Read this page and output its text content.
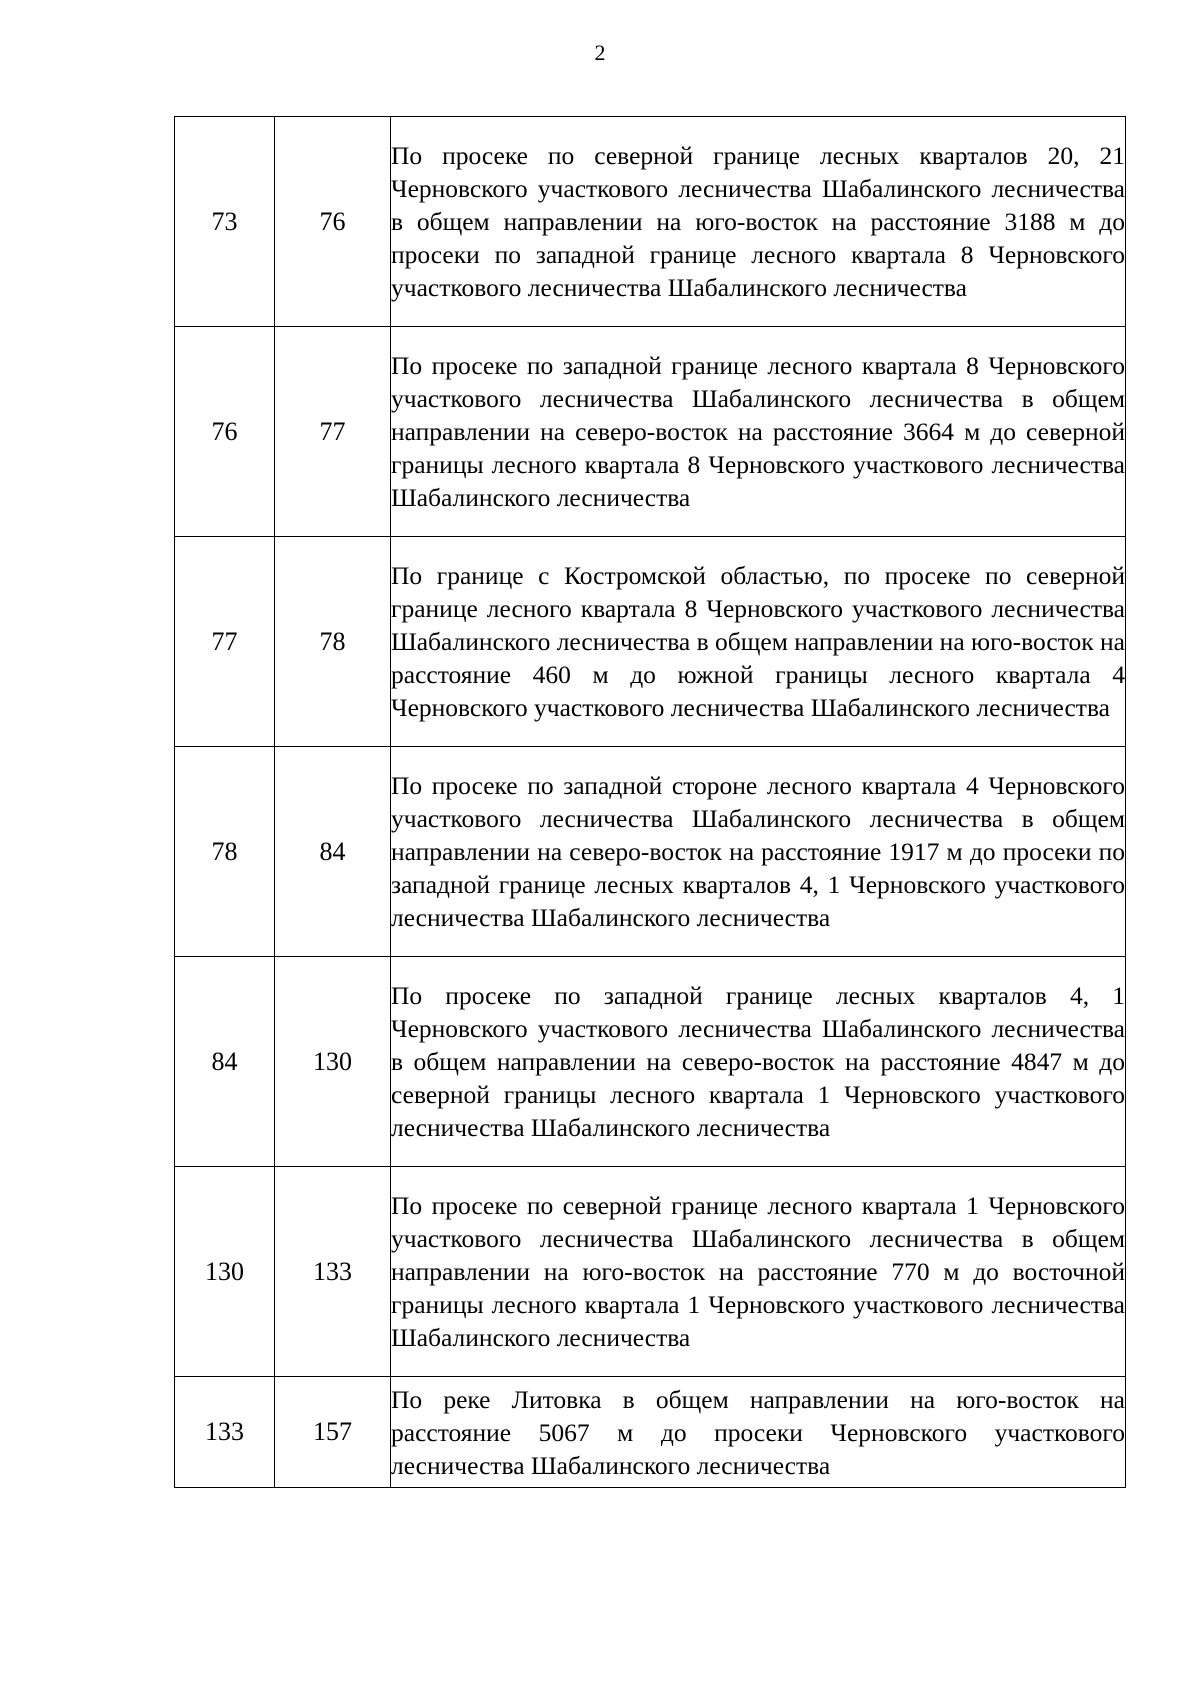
2
73	76	По просеке по северной границе лесных кварталов 20, 21 Черновского участкового лесничества Шабалинского лесничества в общем направлении на юго-восток на расстояние 3188 м до просеки по западной границе лесного квартала 8 Черновского участкового лесничества Шабалинского лесничества
76	77	По просеке по западной границе лесного квартала 8 Черновского участкового лесничества Шабалинского лесничества в общем направлении на северо-восток на расстояние 3664 м до северной границы лесного квартала 8 Черновского участкового лесничества Шабалинского лесничества
77	78	По границе с Костромской областью, по просеке по северной границе лесного квартала 8 Черновского участкового лесничества Шабалинского лесничества в общем направлении на юго-восток на расстояние 460 м до южной границы лесного квартала 4 Черновского участкового лесничества Шабалинского лесничества
78	84	По просеке по западной стороне лесного квартала 4 Черновского участкового лесничества Шабалинского лесничества в общем направлении на северо-восток на расстояние 1917 м до просеки по западной границе лесных кварталов 4, 1 Черновского участкового лесничества Шабалинского лесничества
84	130	По просеке по западной границе лесных кварталов 4, 1 Черновского участкового лесничества Шабалинского лесничества в общем направлении на северо-восток на расстояние 4847 м до северной границы лесного квартала 1 Черновского участкового лесничества Шабалинского лесничества
130	133	По просеке по северной границе лесного квартала 1 Черновского участкового лесничества Шабалинского лесничества в общем направлении на юго-восток на расстояние 770 м до восточной границы лесного квартала 1 Черновского участкового лесничества Шабалинского лесничества
133	157	По реке Литовка в общем направлении на юго-восток на расстояние 5067 м до просеки Черновского участкового лесничества Шабалинского лесничества
